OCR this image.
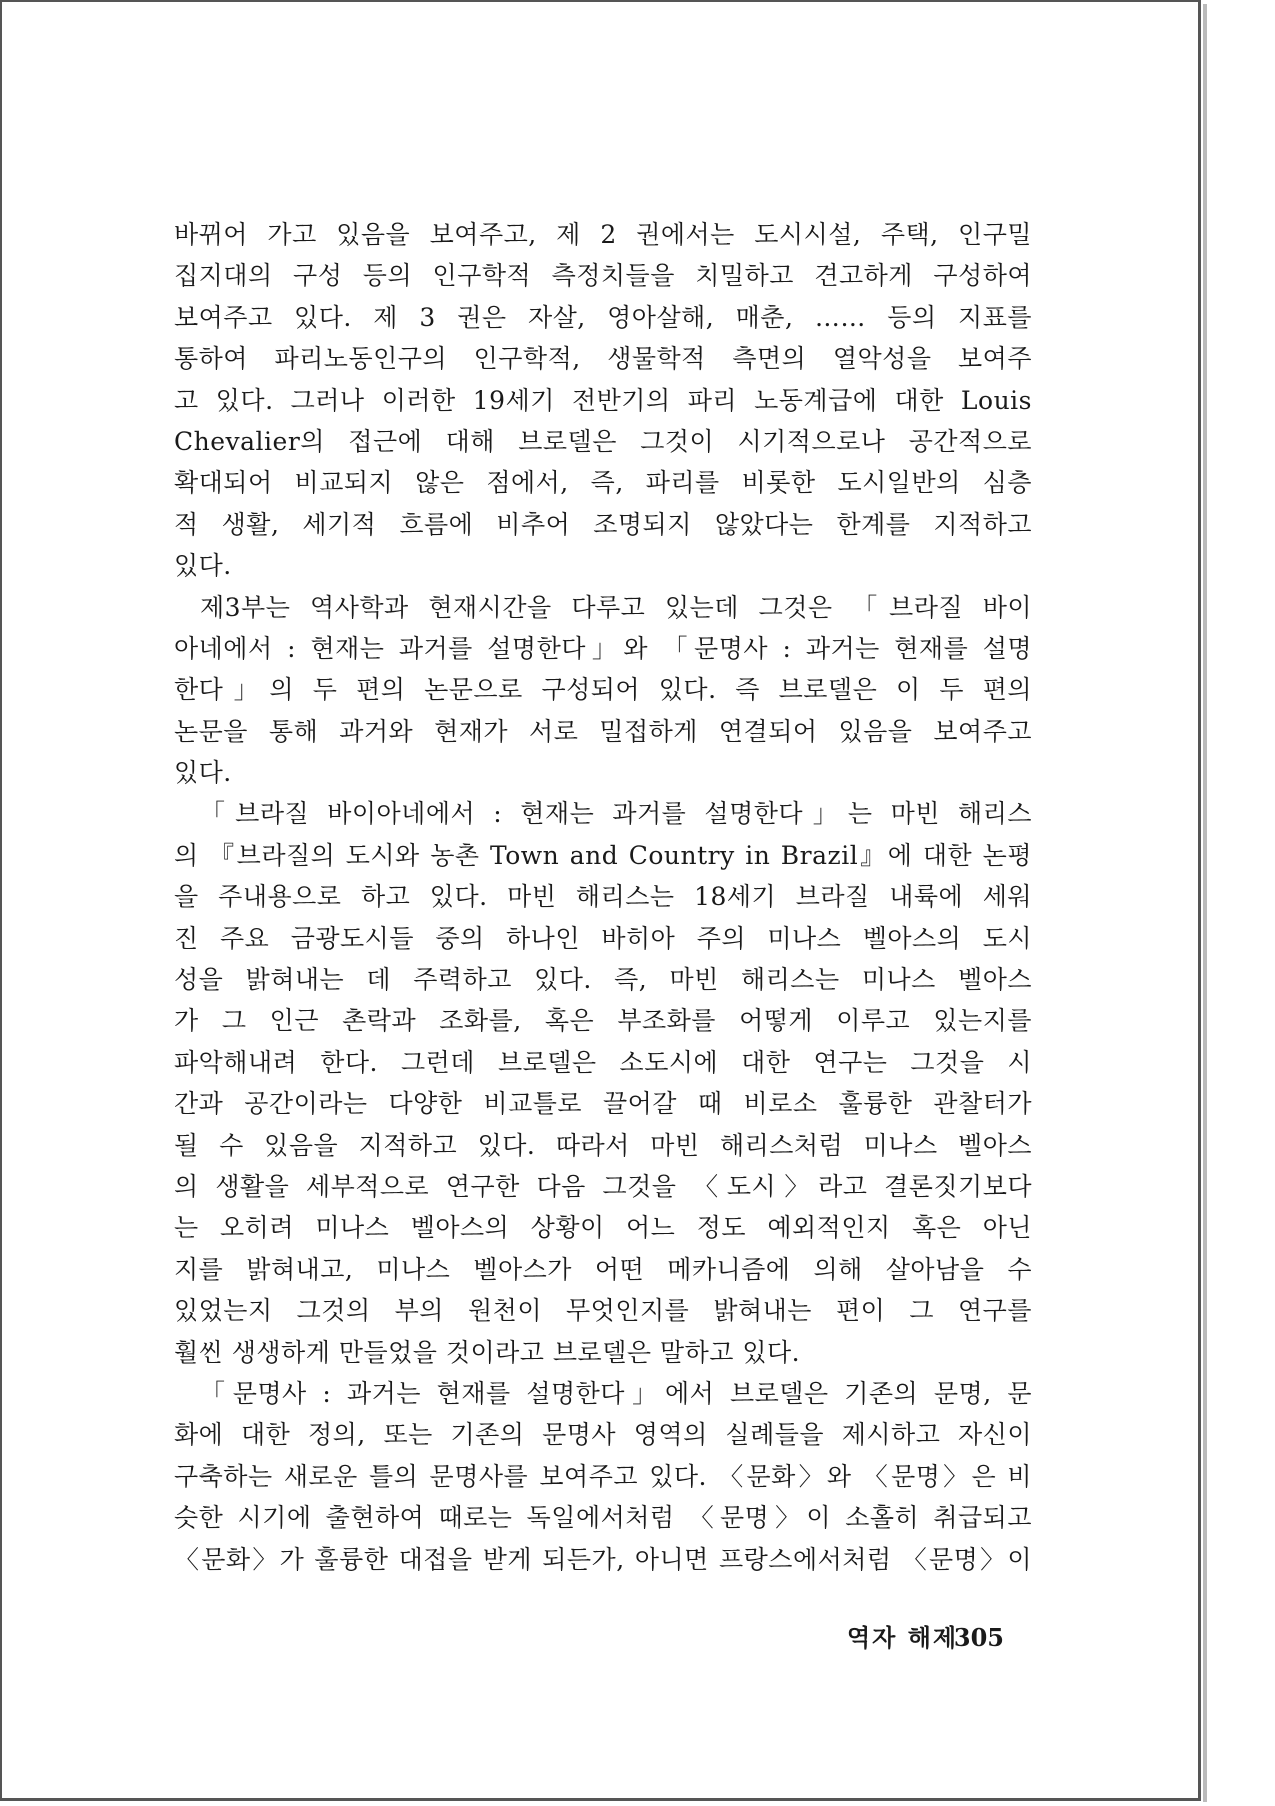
바뀌어 가고 있음을 보여주고, 제 2 권에서는 도시시설, 주택, 인구밀
집지대의 구성 등의 인구학적 측정치들을 치밀하고 견고하게 구성하여
보여주고 있다. 제 3 권은 자살, 영아살해, 매춘, …… 등의 지표를
통하여 파리노동인구의 인구학적, 생물학적 측면의 열악성을 보여주
고 있다. 그러나 이러한 19세기 전반기의 파리 노동계급에 대한 Louis
Chevalier의 접근에 대해 브로델은 그것이 시기적으로나 공간적으로
확대되어 비교되지 않은 점에서, 즉, 파리를 비롯한 도시일반의 심층
적 생활, 세기적 흐름에 비추어 조명되지 않았다는 한계를 지적하고
있다.
제3부는 역사학과 현재시간을 다루고 있는데 그것은 「브라질 바이
아네에서 : 현재는 과거를 설명한다」와 「문명사 : 과거는 현재를 설명
한다」의 두 편의 논문으로 구성되어 있다. 즉 브로델은 이 두 편의
논문을 통해 과거와 현재가 서로 밀접하게 연결되어 있음을 보여주고
있다.
「브라질 바이아네에서 : 현재는 과거를 설명한다」는 마빈 해리스
의 『브라질의 도시와 농촌 Town and Country in Brazil』에 대한 논평
을 주내용으로 하고 있다. 마빈 해리스는 18세기 브라질 내륙에 세워
진 주요 금광도시들 중의 하나인 바히아 주의 미나스 벨아스의 도시
성을 밝혀내는 데 주력하고 있다. 즉, 마빈 해리스는 미나스 벨아스
가 그 인근 촌락과 조화를, 혹은 부조화를 어떻게 이루고 있는지를
파악해내려 한다. 그런데 브로델은 소도시에 대한 연구는 그것을 시
간과 공간이라는 다양한 비교틀로 끌어갈 때 비로소 훌륭한 관찰터가
될 수 있음을 지적하고 있다. 따라서 마빈 해리스처럼 미나스 벨아스
의 생활을 세부적으로 연구한 다음 그것을 〈도시〉라고 결론짓기보다
는 오히려 미나스 벨아스의 상황이 어느 정도 예외적인지 혹은 아닌
지를 밝혀내고, 미나스 벨아스가 어떤 메카니즘에 의해 살아남을 수
있었는지 그것의 부의 원천이 무엇인지를 밝혀내는 편이 그 연구를
훨씬 생생하게 만들었을 것이라고 브로델은 말하고 있다.
「문명사 : 과거는 현재를 설명한다」에서 브로델은 기존의 문명, 문
화에 대한 정의, 또는 기존의 문명사 영역의 실례들을 제시하고 자신이
구축하는 새로운 틀의 문명사를 보여주고 있다. 〈문화〉와 〈문명〉은 비
슷한 시기에 출현하여 때로는 독일에서처럼 〈문명〉이 소홀히 취급되고
〈문화〉가 훌륭한 대접을 받게 되든가, 아니면 프랑스에서처럼 〈문명〉이
역자 해제
305
